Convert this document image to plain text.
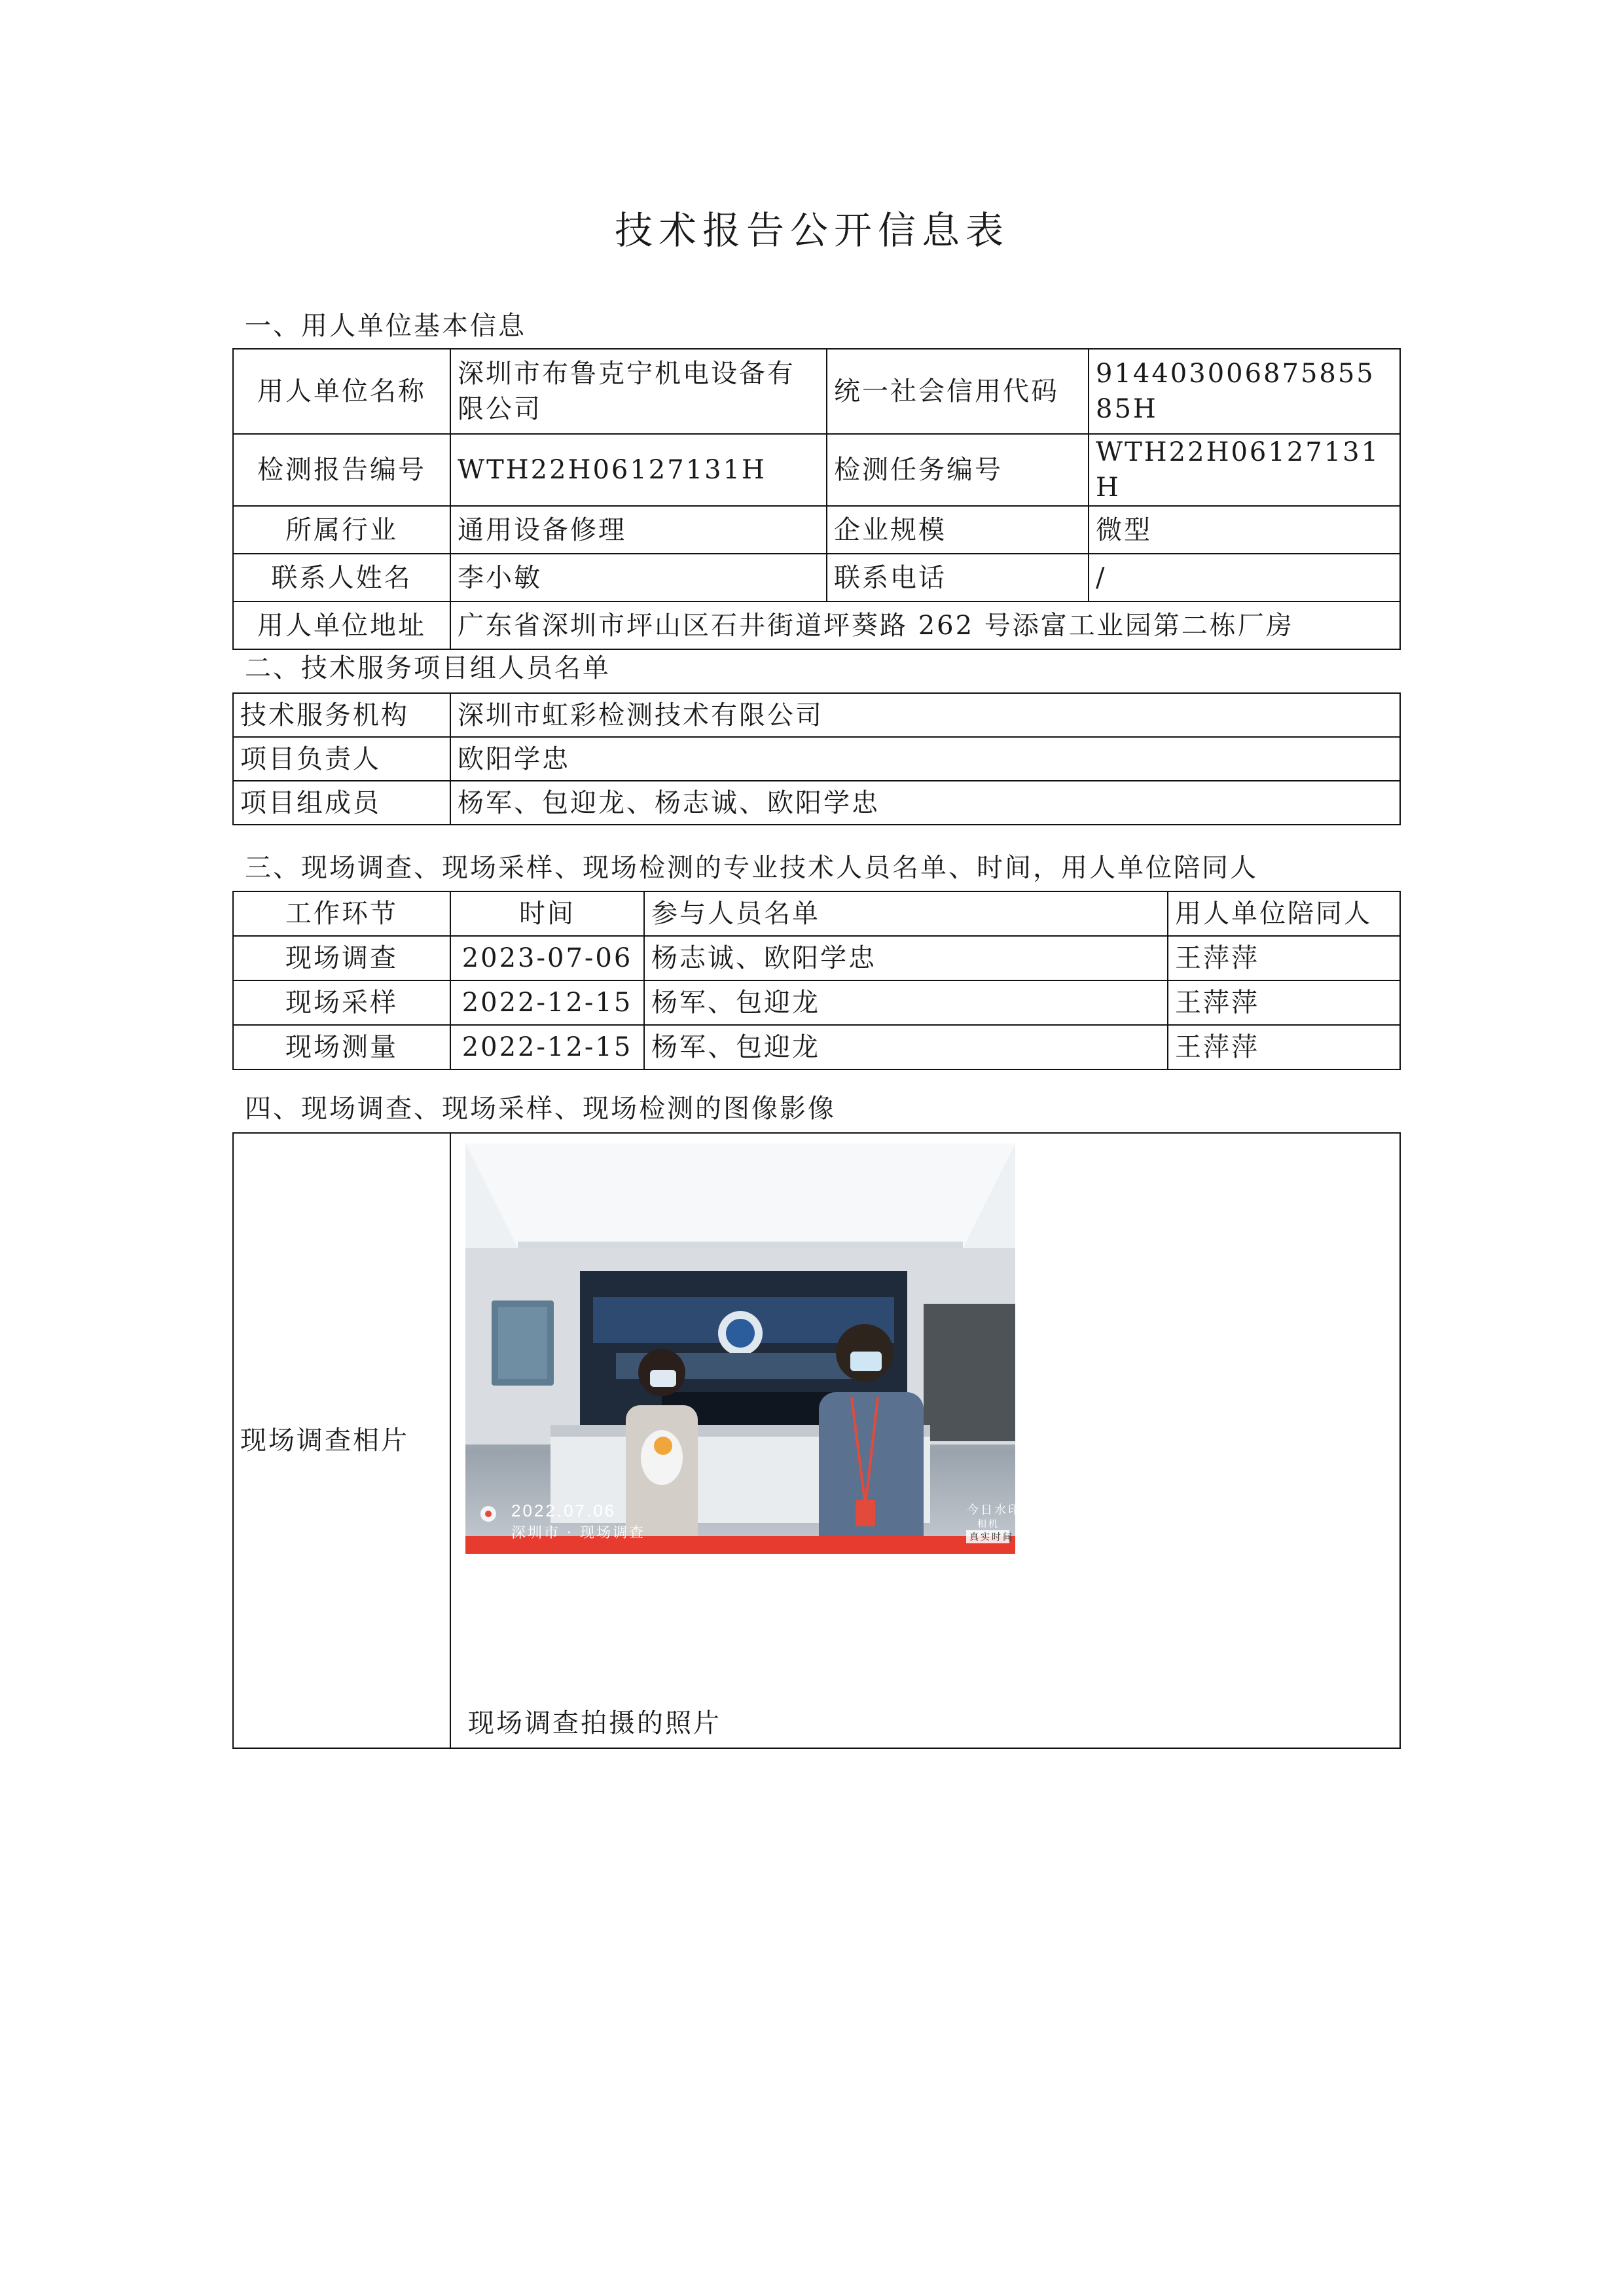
技术报告公开信息表
一、用人单位基本信息
用人单位名称	深圳市布鲁克宁机电设备有限公司	统一社会信用代码	91440300687585585H
检测报告编号	WTH22H06127131H	检测任务编号	WTH22H06127131H
所属行业	通用设备修理	企业规模	微型
联系人姓名	李小敏	联系电话	/
用人单位地址	广东省深圳市坪山区石井街道坪葵路 262 号添富工业园第二栋厂房		
二、技术服务项目组人员名单
技术服务机构	深圳市虹彩检测技术有限公司
项目负责人	欧阳学忠
项目组成员	杨军、包迎龙、杨志诚、欧阳学忠
三、现场调查、现场采样、现场检测的专业技术人员名单、时间，用人单位陪同人
工作环节	时间	参与人员名单	用人单位陪同人
现场调查	2023-07-06	杨志诚、欧阳学忠	王萍萍
现场采样	2022-12-15	杨军、包迎龙	王萍萍
现场测量	2022-12-15	杨军、包迎龙	王萍萍
四、现场调查、现场采样、现场检测的图像影像
现场调查相片	
2022.07.06
深圳市 · 现场调查
今日水印
相机
真实时间
现场调查拍摄的照片
